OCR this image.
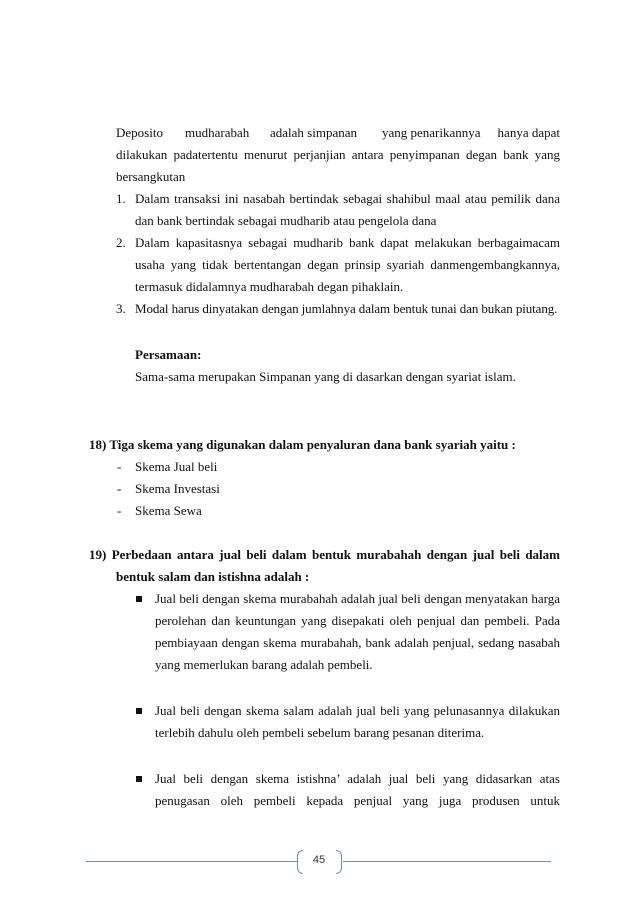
Deposito mudharabah adalah simpanan yang penarikannya hanya dapat
dilakukan padatertentu menurut perjanjian antara penyimpanan degan bank yang
bersangkutan
1. Dalam transaksi ini nasabah bertindak sebagai shahibul maal atau pemilik dana
dan bank bertindak sebagai mudharib atau pengelola dana
2. Dalam kapasitasnya sebagai mudharib bank dapat melakukan berbagaimacam
usaha yang tidak bertentangan degan prinsip syariah danmengembangkannya,
termasuk didalamnya mudharabah degan pihaklain.
3. Modal harus dinyatakan dengan jumlahnya dalam bentuk tunai dan bukan piutang.
Persamaan:
Sama-sama merupakan Simpanan yang di dasarkan dengan syariat islam.
18) Tiga skema yang digunakan dalam penyaluran dana bank syariah yaitu :
- Skema Jual beli
- Skema Investasi
- Skema Sewa
19) Perbedaan antara jual beli dalam bentuk murabahah dengan jual beli dalam
bentuk salam dan istishna adalah :
Jual beli dengan skema murabahah adalah jual beli dengan menyatakan harga
perolehan dan keuntungan yang disepakati oleh penjual dan pembeli. Pada
pembiayaan dengan skema murabahah, bank adalah penjual, sedang nasabah
yang memerlukan barang adalah pembeli.
Jual beli dengan skema salam adalah jual beli yang pelunasannya dilakukan
terlebih dahulu oleh pembeli sebelum barang pesanan diterima.
Jual beli dengan skema istishna’ adalah jual beli yang didasarkan atas
penugasan oleh pembeli kepada penjual yang juga produsen untuk
45
